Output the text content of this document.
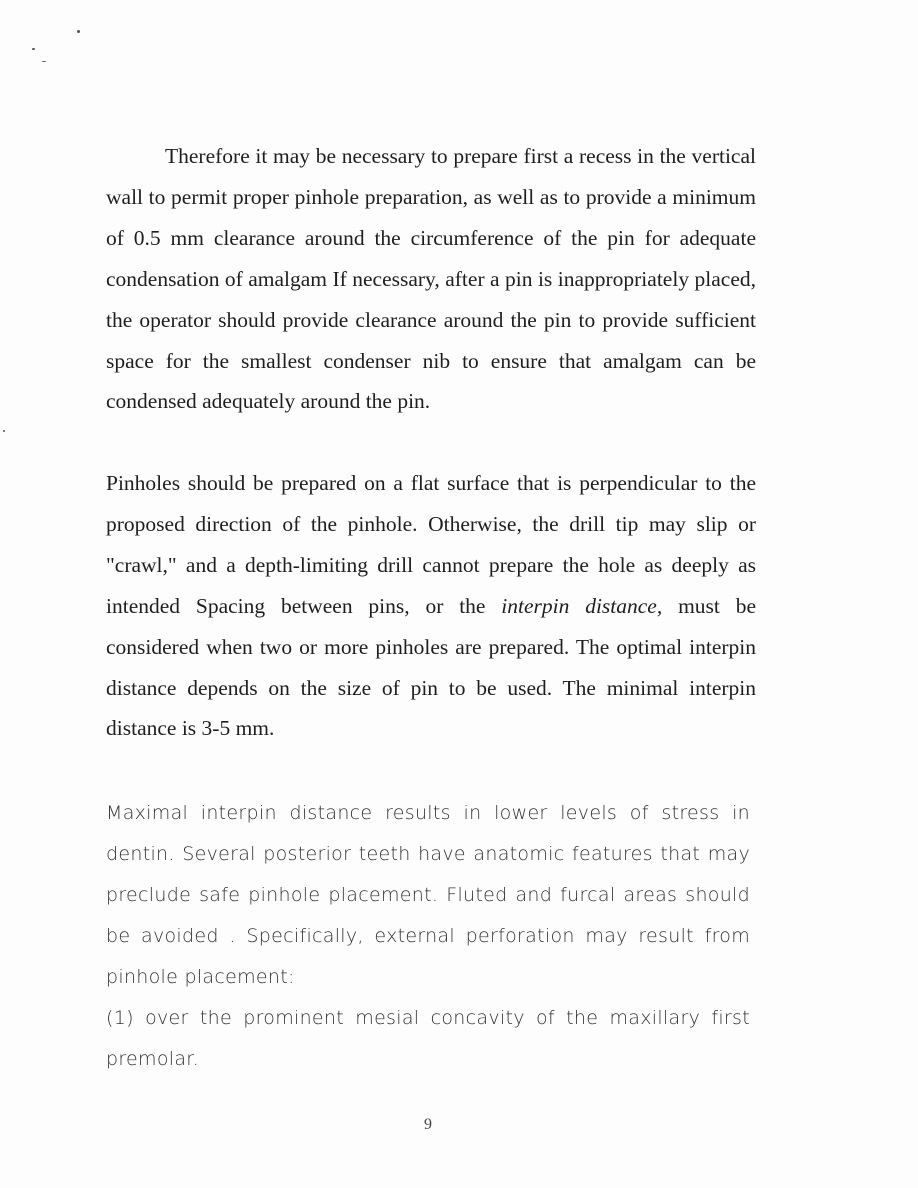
Therefore it may be necessary to prepare first a recess in the vertical wall to permit proper pinhole preparation, as well as to provide a minimum of 0.5 mm clearance around the circumference of the pin for adequate condensation of amalgam If necessary, after a pin is inappropriately placed, the operator should provide clearance around the pin to provide sufficient space for the smallest condenser nib to ensure that amalgam can be condensed adequately around the pin.

Pinholes should be prepared on a flat surface that is perpendicular to the proposed direction of the pinhole. Otherwise, the drill tip may slip or "crawl," and a depth-limiting drill cannot prepare the hole as deeply as intended Spacing between pins, or the interpin distance, must be considered when two or more pinholes are prepared. The optimal interpin distance depends on the size of pin to be used. The minimal interpin distance is 3-5 mm.

Maximal interpin distance results in lower levels of stress in dentin. Several posterior teeth have anatomic features that may preclude safe pinhole placement. Fluted and furcal areas should be avoided . Specifically, external perforation may result from pinhole placement:

(1) over the prominent mesial concavity of the maxillary first premolar.

9
